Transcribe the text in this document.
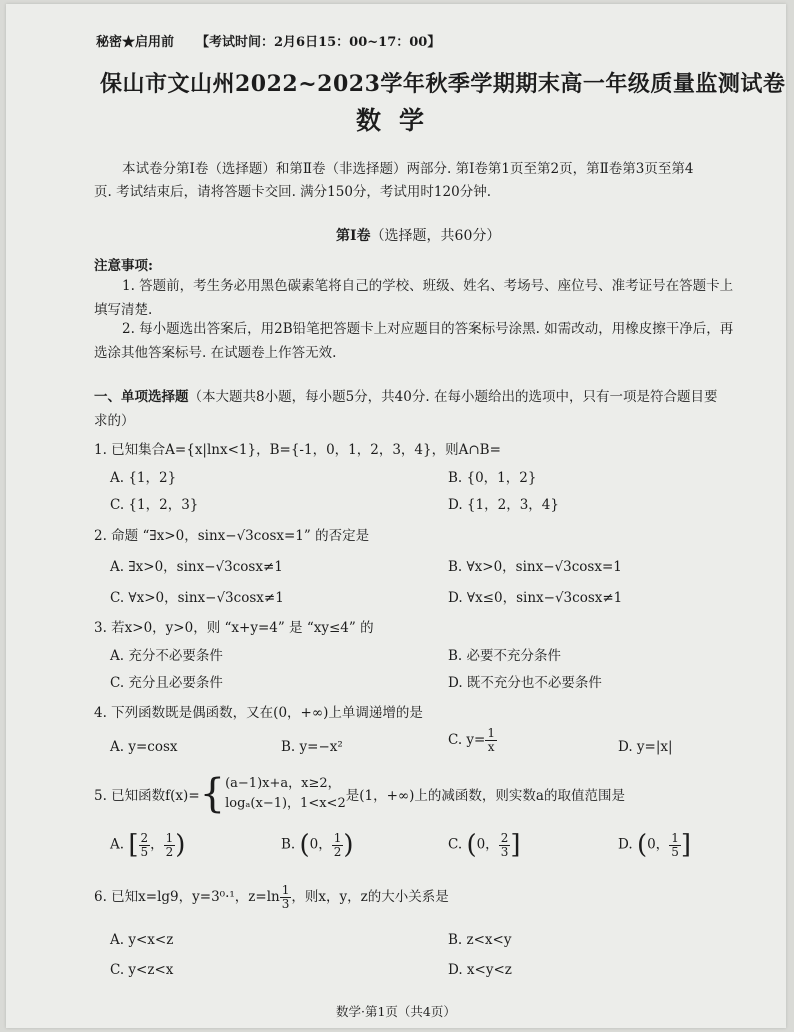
秘密★启用前 【考试时间：2月6日15：00~17：00】
保山市文山州2022~2023学年秋季学期期末高一年级质量监测试卷
数学
本试卷分第Ⅰ卷（选择题）和第Ⅱ卷（非选择题）两部分. 第Ⅰ卷第1页至第2页，第Ⅱ卷第3页至第4
页. 考试结束后，请将答题卡交回. 满分150分，考试用时120分钟.
第Ⅰ卷（选择题，共60分）
注意事项:
1. 答题前，考生务必用黑色碳素笔将自己的学校、班级、姓名、考场号、座位号、准考证号在答题卡上
填写清楚.
2. 每小题选出答案后，用2B铅笔把答题卡上对应题目的答案标号涂黑. 如需改动，用橡皮擦干净后，再
选涂其他答案标号. 在试题卷上作答无效.
一、单项选择题（本大题共8小题，每小题5分，共40分. 在每小题给出的选项中，只有一项是符合题目要
求的）
1. 已知集合A={x|lnx<1}，B={-1，0，1，2，3，4}，则A∩B=
A. {1，2}	B. {0，1，2}
C. {1，2，3}	D. {1，2，3，4}
2. 命题 “∃x>0，sinx−√3cosx=1” 的否定是
A. ∃x>0，sinx−√3cosx≠1	B. ∀x>0，sinx−√3cosx=1
C. ∀x>0，sinx−√3cosx≠1	D. ∀x≤0，sinx−√3cosx≠1
3. 若x>0，y>0，则 “x+y=4” 是 “xy≤4” 的
A. 充分不必要条件	B. 必要不充分条件
C. 充分且必要条件	D. 既不充分也不必要条件
4. 下列函数既是偶函数，又在(0，+∞)上单调递增的是
A. y=cosx	B. y=−x²	C. $y= \frac{1}{x}$	D. y=|x|
5. 已知函数f(x)={ (a−1)x+a，x≥2，
logₐ(x−1)，1<x<2 是(1，+∞)上的减函数，则实数a的取值范围是
A. [ $\frac{2}{5}$ ， $\frac{1}{2}$ )	B. (0， $\frac{1}{2}$ )	C. (0， $\frac{2}{3}$ ]	D. (0， $\frac{1}{5}$ ]
6. 已知x=lg9，y=3⁰·¹，$z=\ln \frac{1}{3}$ ，则x，y，z的大小关系是
A. y<x<z	B. z<x<y
C. y<z<x	D. x<y<z
数学·第1页（共4页）
